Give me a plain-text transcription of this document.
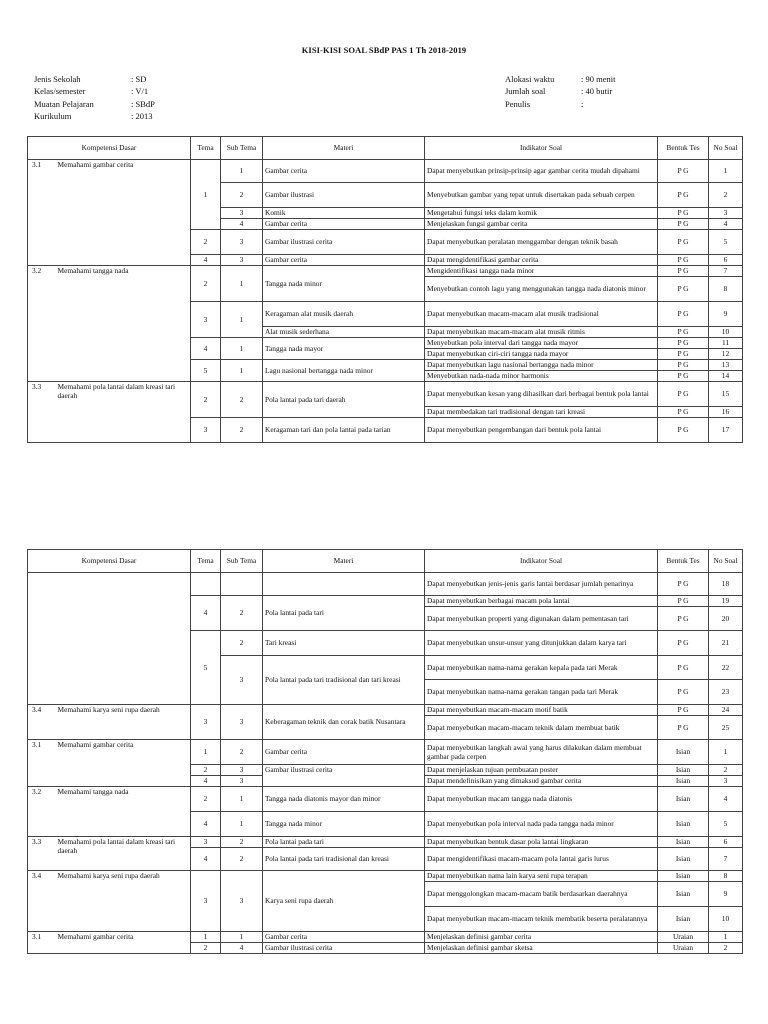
KISI-KISI SOAL SBdP PAS 1 Th 2018-2019
Jenis Sekolah	: SD
Kelas/semester	: V/1
Muatan Pelajaran	: SBdP
Kurikulum	: 2013
Alokasi waktu	: 90 menit
Jumlah soal	: 40 butir
Penulis	:
Kompetensi Dasar		Tema	Sub Tema	Materi	Indikator Soal	Bentuk Tes	No Soal
3.1	Memahami gambar cerita	1	1	Gambar cerita	Dapat menyebutkan prinsip-prinsip agar gambar cerita mudah dipahami	P G	1
			2	Gambar ilustrasi	Menyebutkan gambar yang tepat untuk disertakan pada sebuah cerpen	P G	2
			3	Komik	Mengetahui fungsi teks dalam komik	P G	3
			4	Gambar cerita	Menjelaskan fungsi gambar cerita	P G	4
		2	3	Gambar ilustrasi cerita	Dapat menyebutkan peralatan menggambar dengan teknik basah	P G	5
		4	3	Gambar cerita	Dapat mengidentifikasi gambar cerita	P G	6
3.2	Memahami tangga nada	2	1	Tangga nada minor	Mengidentifikasi tangga nada minor	P G	7
					Menyebutkan contoh lagu yang menggunakan tangga nada diatonis minor	P G	8
		3	1	Keragaman alat musik daerah	Dapat menyebutkan macam-macam alat musik tradisional	P G	9
				Alat musik sederhana	Dapat menyebutkan macam-macam alat musik ritmis	P G	10
		4	1	Tangga nada mayor	Menyebutkan pola interval dari tangga nada mayor	P G	11
					Dapat menyebutkan ciri-ciri tangga nada mayor	P G	12
		5	1	Lagu nasional bertangga nada minor	Dapat menyebutkan lagu nasional bertangga nada minor	P G	13
					Menyebutkan nada-nada minor harmonis	P G	14
3.3	Memahami pola lantai dalam kreasi tari daerah	2	2	Pola lantai pada tari daerah	Dapat menyebutkan kesan yang dihasilkan dari berbagai bentuk pola lantai	P G	15
					Dapat membedakan tari tradisional dengan tari kreasi	P G	16
		3	2	Keragaman tari dan pola lantai pada tarian	Dapat menyebutkan pengembangan dari bentuk pola lantai	P G	17
Kompetensi Dasar		Tema	Sub Tema	Materi	Indikator Soal	Bentuk Tes	No Soal
					Dapat menyebutkan jenis-jenis garis lantai berdasar jumlah penarinya	P G	18
		4	2	Pola lantai pada tari	Dapat menyebutkan berbagai macam pola lantai	P G	19
					Dapat menyebutkan properti yang digunakan dalam pementasan tari	P G	20
		5	2	Tari kreasi	Dapat menyebutkan unsur-unsur yang ditunjukkan dalam karya tari	P G	21
			3	Pola lantai pada tari tradisional dan tari kreasi	Dapat menyebutkan nama-nama gerakan kepala pada tari Merak	P G	22
					Dapat menyebutkan nama-nama gerakan tangan pada tari Merak	P G	23
3.4	Memahami karya seni rupa daerah	3	3	Keberagaman teknik dan corak batik Nusantara	Dapat menyebutkan macam-macam motif batik	P G	24
					Dapat menyebutkan macam-macam teknik dalam membuat batik	P G	25
3.1	Memahami gambar cerita	1	2	Gambar cerita	Dapat menyebutkan langkah awal yang harus dilakukan dalam membuat gambar pada cerpen	Isian	1
		2	3	Gambar ilustrasi cerita	Dapat menjelaskan tujuan pembuatan poster	Isian	2
		4	3		Dapat mendefinisikan yang dimaksud gambar cerita	Isian	3
3.2	Memahami tangga nada	2	1	Tangga nada diatonis mayor dan minor	Dapat menyebutkan macam tangga nada diatonis	Isian	4
		4	1	Tangga nada minor	Dapat menyebutkan pola interval nada pada tangga nada minor	Isian	5
3.3	Memahami pola lantai dalam kreasi tari daerah	3	2	Pola lantai pada tari	Dapat menyebutkan bentuk dasar pola lantai lingkaran	Isian	6
		4	2	Pola lantai pada tari tradisional dan kreasi	Dapat mengidentifikasi macam-macam pola lantai garis lurus	Isian	7
3.4	Memahami karya seni rupa daerah	3	3	Karya seni rupa daerah	Dapat menyebutkan nama lain karya seni rupa terapan	Isian	8
					Dapat menggolongkan macam-macam batik berdasarkan daerahnya	Isian	9
					Dapat menyebutkan macam-macam teknik membatik beserta peralatannya	Isian	10
3.1	Memahami gambar cerita	1	1	Gambar cerita	Menjelaskan definisi gambar cerita	Uraian	1
		2	4	Gambar ilustrasi cerita	Menjelaskan definisi gambar sketsa	Uraian	2
